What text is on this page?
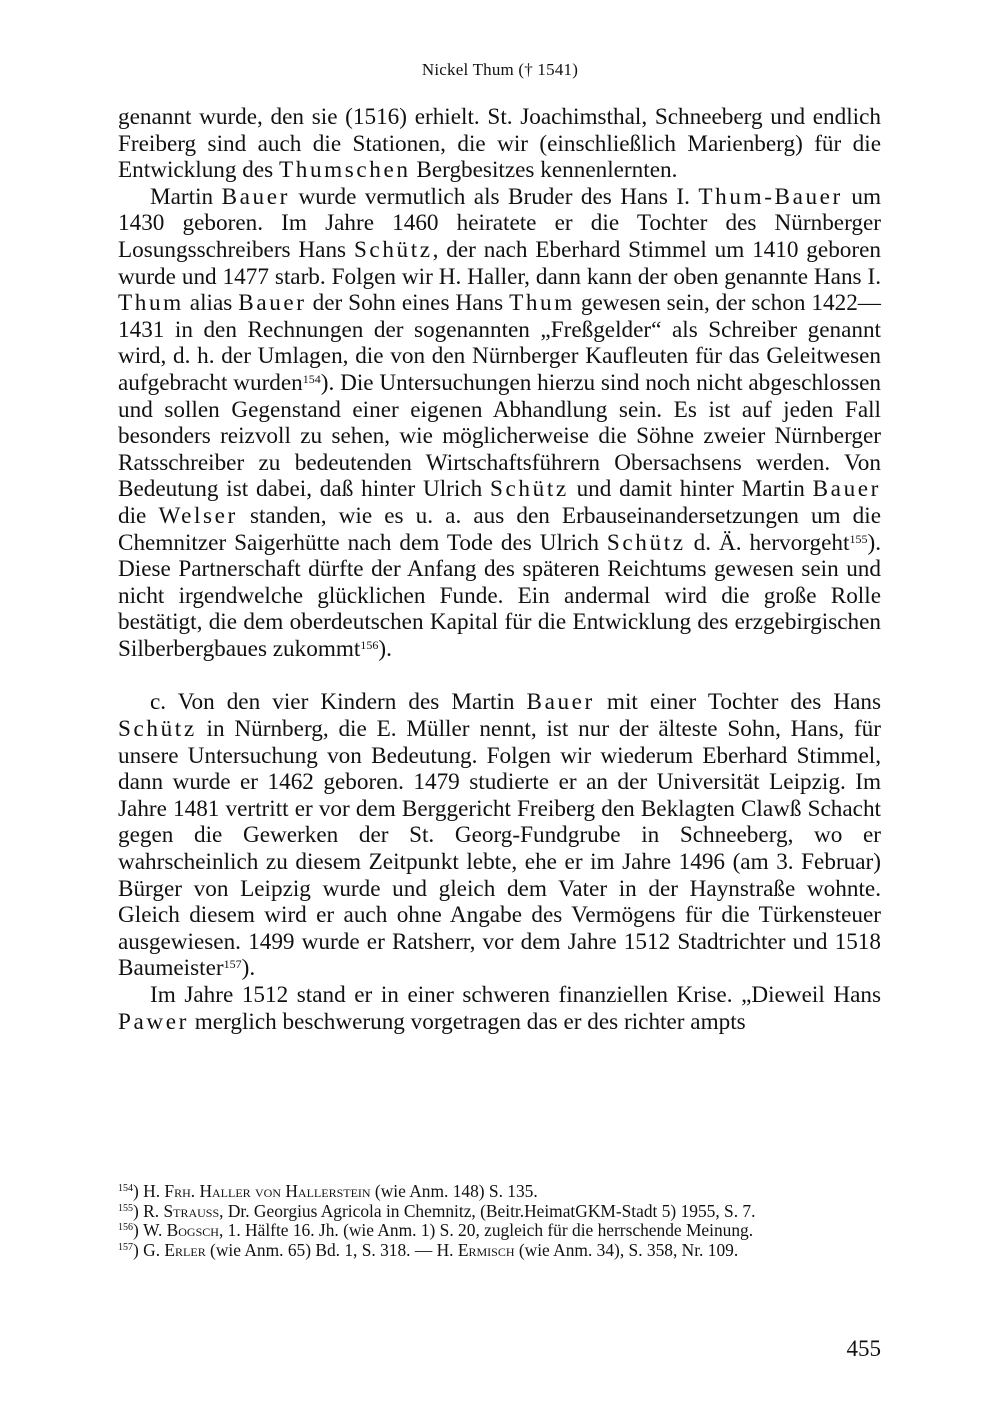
Nickel Thum († 1541)

genannt wurde, den sie (1516) erhielt. St. Joachimsthal, Schneeberg und endlich Freiberg sind auch die Stationen, die wir (einschließlich Marienberg) für die Entwicklung des Thumschen Bergbesitzes kennenlernten.

Martin Bauer wurde vermutlich als Bruder des Hans I. Thum-Bauer um 1430 geboren. Im Jahre 1460 heiratete er die Tochter des Nürnberger Losungsschreibers Hans Schütz, der nach Eberhard Stimmel um 1410 geboren wurde und 1477 starb. Folgen wir H. Haller, dann kann der oben genannte Hans I. Thum alias Bauer der Sohn eines Hans Thum gewesen sein, der schon 1422—1431 in den Rechnungen der sogenannten „Freßgelder“ als Schreiber genannt wird, d. h. der Umlagen, die von den Nürnberger Kaufleuten für das Geleitwesen aufgebracht wurden$^{154}$). Die Untersuchungen hierzu sind noch nicht abgeschlossen und sollen Gegenstand einer eigenen Abhandlung sein. Es ist auf jeden Fall besonders reizvoll zu sehen, wie möglicherweise die Söhne zweier Nürnberger Ratsschreiber zu bedeutenden Wirtschaftsführern Obersachsens werden. Von Bedeutung ist dabei, daß hinter Ulrich Schütz und damit hinter Martin Bauer die Welser standen, wie es u. a. aus den Erbauseinandersetzungen um die Chemnitzer Saigerhütte nach dem Tode des Ulrich Schütz d. Ä. hervorgeht$^{155}$). Diese Partnerschaft dürfte der Anfang des späteren Reichtums gewesen sein und nicht irgendwelche glücklichen Funde. Ein andermal wird die große Rolle bestätigt, die dem oberdeutschen Kapital für die Entwicklung des erzgebirgischen Silberbergbaues zukommt$^{156}$).

c. Von den vier Kindern des Martin Bauer mit einer Tochter des Hans Schütz in Nürnberg, die E. Müller nennt, ist nur der älteste Sohn, Hans, für unsere Untersuchung von Bedeutung. Folgen wir wiederum Eberhard Stimmel, dann wurde er 1462 geboren. 1479 studierte er an der Universität Leipzig. Im Jahre 1481 vertritt er vor dem Berggericht Freiberg den Beklagten Clawß Schacht gegen die Gewerken der St. Georg-Fundgrube in Schneeberg, wo er wahrscheinlich zu diesem Zeitpunkt lebte, ehe er im Jahre 1496 (am 3. Februar) Bürger von Leipzig wurde und gleich dem Vater in der Haynstraße wohnte. Gleich diesem wird er auch ohne Angabe des Vermögens für die Türkensteuer ausgewiesen. 1499 wurde er Ratsherr, vor dem Jahre 1512 Stadtrichter und 1518 Baumeister$^{157}$).

Im Jahre 1512 stand er in einer schweren finanziellen Krise. „Dieweil Hans Pawer merglich beschwerung vorgetragen das er des richter ampts

$^{154}$) H. Frh. Haller von Hallerstein (wie Anm. 148) S. 135.

$^{155}$) R. Strauss, Dr. Georgius Agricola in Chemnitz, (Beitr.HeimatGKM-Stadt 5) 1955, S. 7.

$^{156}$) W. Bogsch, 1. Hälfte 16. Jh. (wie Anm. 1) S. 20, zugleich für die herrschende Meinung.

$^{157}$) G. Erler (wie Anm. 65) Bd. 1, S. 318. — H. Ermisch (wie Anm. 34), S. 358, Nr. 109.

455
